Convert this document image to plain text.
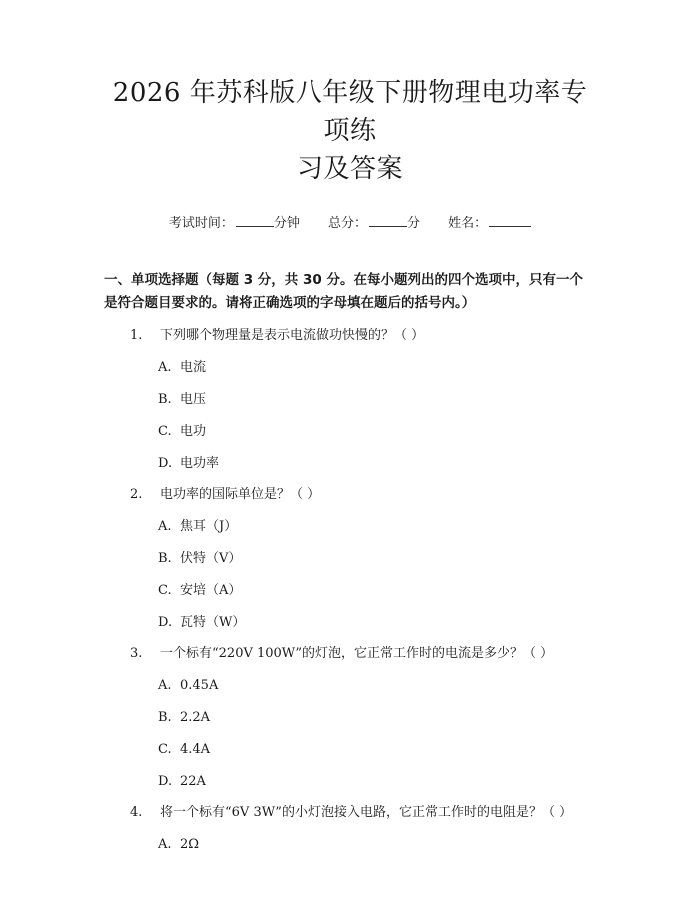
2026 年苏科版八年级下册物理电功率专项练
习及答案
考试时间：	分钟 总分：	分 姓名：
一、单项选择题（每题 3 分，共 30 分。在每小题列出的四个选项中，只有一个是符合题目要求的。请将正确选项的字母填在题后的括号内。）
1.	下列哪个物理量是表示电流做功快慢的？（ ）
A. 电流
B. 电压
C. 电功
D. 电功率
2.	电功率的国际单位是？（ ）
A. 焦耳（J）
B. 伏特（V）
C. 安培（A）
D. 瓦特（W）
3.	一个标有“220V 100W”的灯泡，它正常工作时的电流是多少？（ ）
A. 0.45A
B. 2.2A
C. 4.4A
D. 22A
4.	将一个标有“6V 3W”的小灯泡接入电路，它正常工作时的电阻是？（ ）
A. 2Ω
